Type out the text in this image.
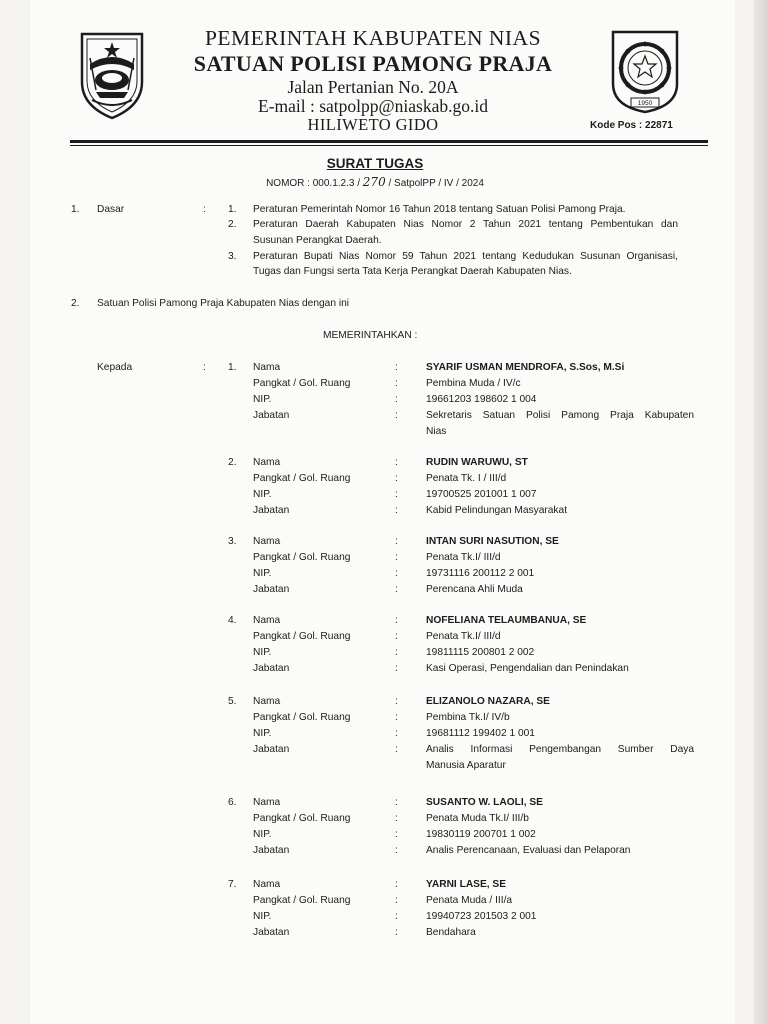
1950
PEMERINTAH KABUPATEN NIAS
SATUAN POLISI PAMONG PRAJA
Jalan Pertanian No. 20A
E-mail : satpolpp@niaskab.go.id
HILIWETO GIDO	Kode Pos : 22871
SURAT TUGAS
NOMOR : 000.1.2.3 / 270 / SatpolPP / IV / 2024
1. Dasar	: 1. Peraturan Pemerintah Nomor 16 Tahun 2018 tentang Satuan Polisi Pamong Praja.
2. Peraturan Daerah Kabupaten Nias Nomor 2 Tahun 2021 tentang Pembentukan dan
Susunan Perangkat Daerah.
3. Peraturan Bupati Nias Nomor 59 Tahun 2021 tentang Kedudukan Susunan Organisasi,
Tugas dan Fungsi serta Tata Kerja Perangkat Daerah Kabupaten Nias.
2. Satuan Polisi Pamong Praja Kabupaten Nias dengan ini
MEMERINTAHKAN :
Kepada	: 1. Nama	:	SYARIF USMAN MENDROFA, S.Sos, M.Si
Pangkat / Gol. Ruang	:	Pembina Muda / IV/c
NIP.	:	19661203 198602 1 004
Jabatan	:	Sekretaris Satuan Polisi Pamong Praja Kabupaten
Nias
2. Nama	:	RUDIN WARUWU, ST
Pangkat / Gol. Ruang	:	Penata Tk. I / III/d
NIP.	:	19700525 201001 1 007
Jabatan	:	Kabid Pelindungan Masyarakat
3. Nama	:	INTAN SURI NASUTION, SE
Pangkat / Gol. Ruang	:	Penata Tk.I/ III/d
NIP.	:	19731116 200112 2 001
Jabatan	:	Perencana Ahli Muda
4. Nama	:	NOFELIANA TELAUMBANUA, SE
Pangkat / Gol. Ruang	:	Penata Tk.I/ III/d
NIP.	:	19811115 200801 2 002
Jabatan	:	Kasi Operasi, Pengendalian dan Penindakan
5. Nama	:	ELIZANOLO NAZARA, SE
Pangkat / Gol. Ruang	:	Pembina Tk.I/ IV/b
NIP.	:	19681112 199402 1 001
Jabatan	:	Analis Informasi Pengembangan Sumber Daya
Manusia Aparatur
6. Nama	:	SUSANTO W. LAOLI, SE
Pangkat / Gol. Ruang	:	Penata Muda Tk.I/ III/b
NIP.	:	19830119 200701 1 002
Jabatan	:	Analis Perencanaan, Evaluasi dan Pelaporan
7. Nama	:	YARNI LASE, SE
Pangkat / Gol. Ruang	:	Penata Muda / III/a
NIP.	:	19940723 201503 2 001
Jabatan	:	Bendahara
